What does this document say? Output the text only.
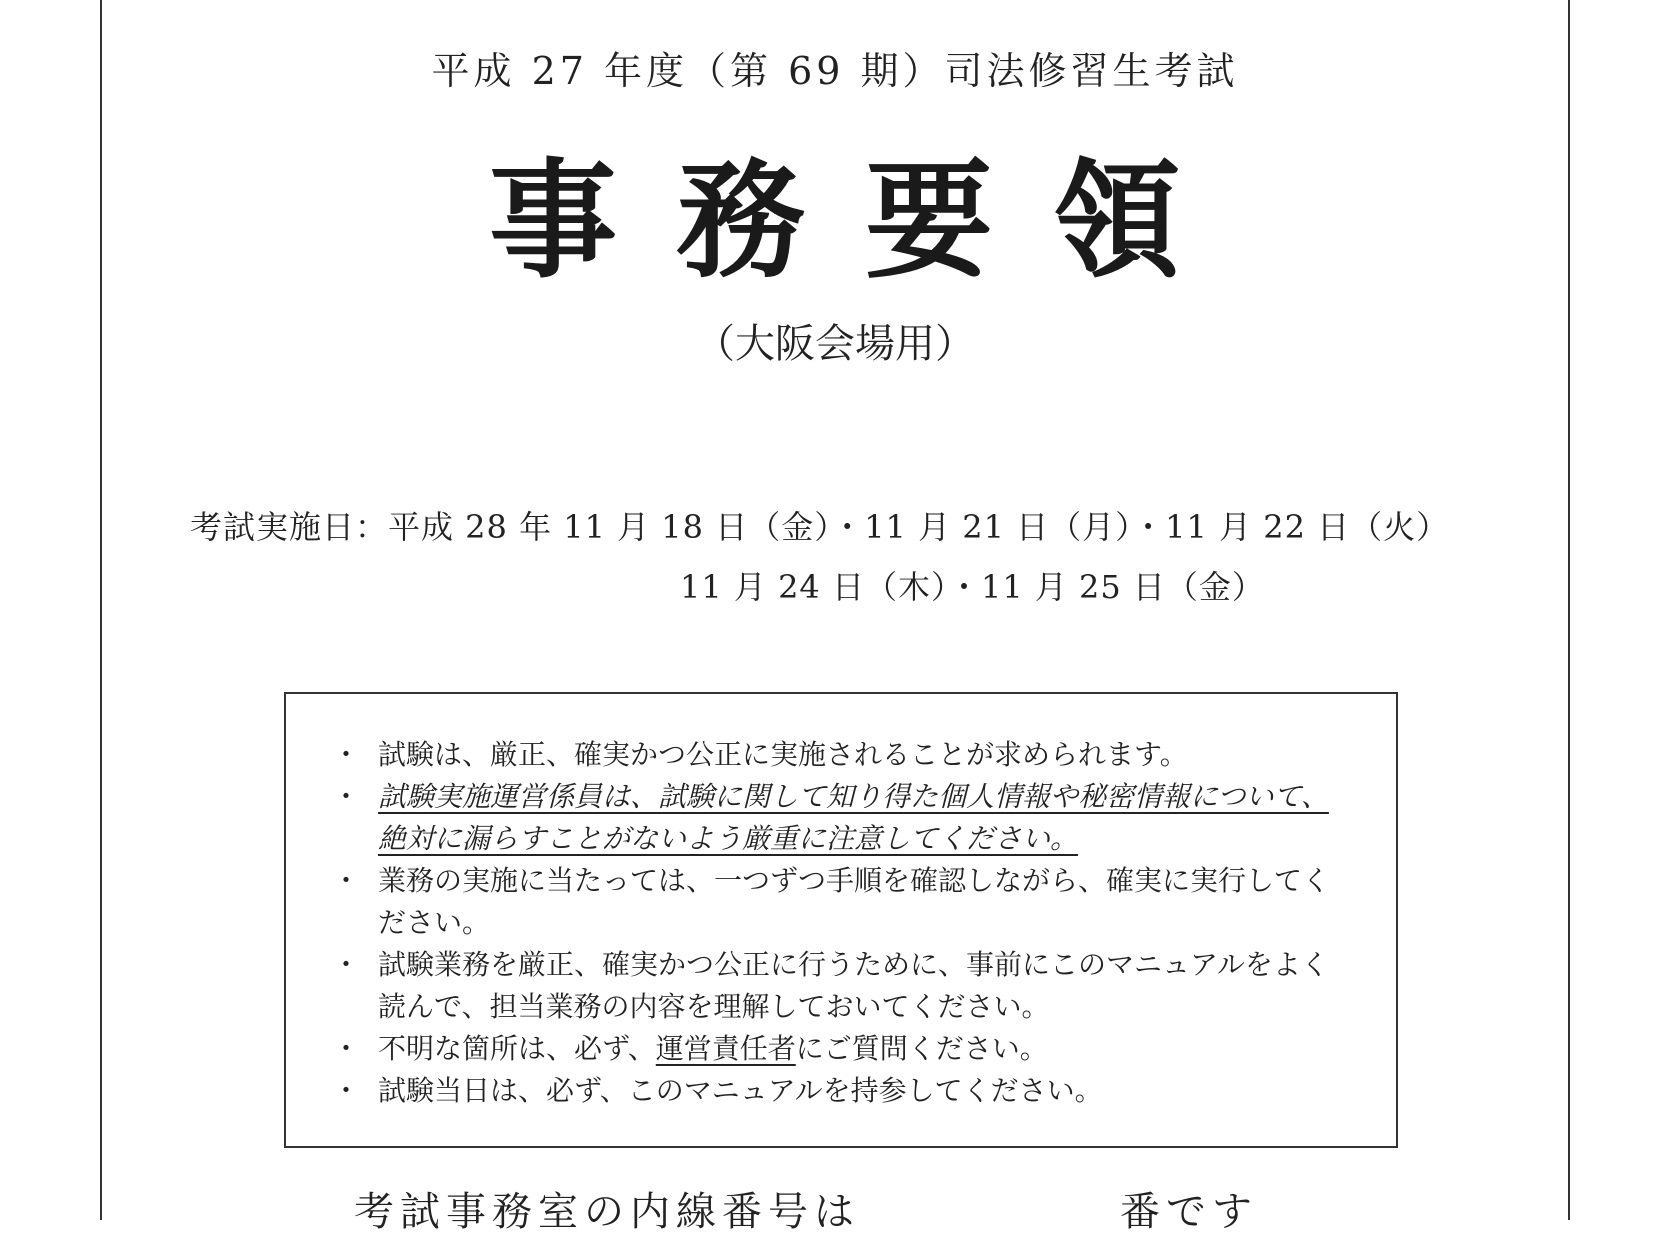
平成 27 年度（第 69 期）司法修習生考試
事務要領
（大阪会場用）
考試実施日：平成 28 年 11 月 18 日（金）・11 月 21 日（月）・11 月 22 日（火）
11 月 24 日（木）・11 月 25 日（金）
・ 試験は、厳正、確実かつ公正に実施されることが求められます。
・ 試験実施運営係員は、試験に関して知り得た個人情報や秘密情報について、絶対に漏らすことがないよう厳重に注意してください。
・ 業務の実施に当たっては、一つずつ手順を確認しながら、確実に実行してください。
・ 試験業務を厳正、確実かつ公正に行うために、事前にこのマニュアルをよく読んで、担当業務の内容を理解しておいてください。
・ 不明な箇所は、必ず、運営責任者にご質問ください。
・ 試験当日は、必ず、このマニュアルを持参してください。
考試事務室の内線番号は	番です
